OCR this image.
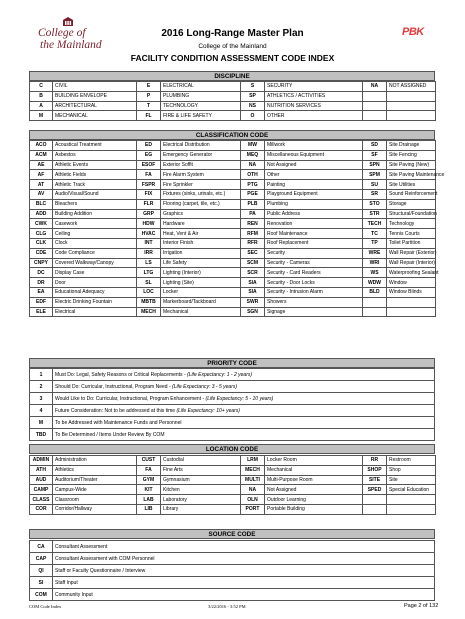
College of
the Mainland
2016 Long-Range Master Plan
College of the Mainland
FACILITY CONDITION ASSESSMENT CODE INDEX
PBK
DISCIPLINE
C	CIVIL	E	ELECTRICAL	S	SECURITY	NA	NOT ASSIGNED
B	BUILDING ENVELOPE	P	PLUMBING	SP	ATHLETICS / ACTIVITIES		
A	ARCHITECTURAL	T	TECHNOLOGY	NS	NUTRITION SERVICES		
M	MECHANICAL	FL	FIRE & LIFE SAFETY	O	OTHER		
CLASSIFICATION CODE
ACO	Acoustical Treatment	ED	Electrical Distribution	MW	Millwork	SD	Site Drainage
ACM	Asbestos	EG	Emergency Generator	MEQ	Miscellaneous Equipment	SF	Site Fencing
AE	Athletic Events	ESOF	Exterior Soffit	NA	Not Assigned	SPN	Site Paving (New)
AF	Athletic Fields	FA	Fire Alarm System	OTH	Other	SPM	Site Paving Maintenance
AT	Athletic Track	FSPR	Fire Sprinkler	PTG	Painting	SU	Site Utilities
AV	Audio/Visual/Sound	FIX	Fixtures (sinks, urinals, etc.)	PGE	Playground Equipment	SR	Sound Reinforcement
BLC	Bleachers	FLR	Flooring (carpet, tile, etc.)	PLB	Plumbing	STO	Storage
ADD	Building Addition	GRP	Graphics	PA	Public Address	STR	Structural/Foundation
CWK	Casework	HDW	Hardware	REN	Renovation	TECH	Technology
CLG	Ceiling	HVAC	Heat, Vent & Air	RFM	Roof Maintenance	TC	Tennis Courts
CLK	Clock	INT	Interior Finish	RFR	Roof Replacement	TP	Toilet Partition
CDE	Code Compliance	IRR	Irrigation	SEC	Security	WRE	Wall Repair (Exterior)
CNPY	Covered Walkway/Canopy	LS	Life Safety	SCM	Security - Cameras	WRI	Wall Repair (Interior)
DC	Display Case	LTG	Lighting (Interior)	SCR	Security - Card Readers	WS	Waterproofing Sealant
DR	Door	SL	Lighting (Site)	SIA	Security - Door Locks	WDW	Window
EA	Educational Adequacy	LOC	Locker	SIA	Security - Intrusion Alarm	BLD	Window Blinds
EDF	Electric Drinking Fountain	MBTB	Markerboard/Tackboard	SWR	Showers		
ELE	Electrical	MECH	Mechanical	SGN	Signage		
PRIORITY CODE
1	Must Do: Legal, Safety Reasons or Critical Replacements - (Life Expectancy: 1 - 2 years)
2	Should Do: Curricular, Instructional, Program Need - (Life Expectancy: 3 - 5 years)
3	Would Like to Do: Curricular, Instructional, Program Enhancement - (Life Expectancy: 5 - 10 years)
4	Future Consideration: Not to be addressed at this time (Life Expectancy: 10+ years)
M	To be Addressed with Maintenance Funds and Personnel
TBD	To Be Determined / Items Under Review By COM
LOCATION CODE
ADMIN	Administration	CUST	Custodial	LRM	Locker Room	RR	Restroom
ATH	Athletics	FA	Fine Arts	MECH	Mechanical	SHOP	Shop
AUD	Auditorium/Theater	GYM	Gymnasium	MULTI	Multi-Purpose Room	SITE	Site
CAMP	Campus-Wide	KIT	Kitchen	NA	Not Assigned	SPED	Special Education
CLASS	Classroom	LAB	Laboratory	OLN	Outdoor Learning		
COR	Corridor/Hallway	LIB	Library	PORT	Portable Building		
SOURCE CODE
CA	Consultant Assessment
CAP	Consultant Assessment with COM Personnel
QI	Staff or Faculty Questionnaire / Interview
SI	Staff Input
COM	Community Input
COM Code Index	3/22/2016 - 3:52 PM	Page 2 of 132
